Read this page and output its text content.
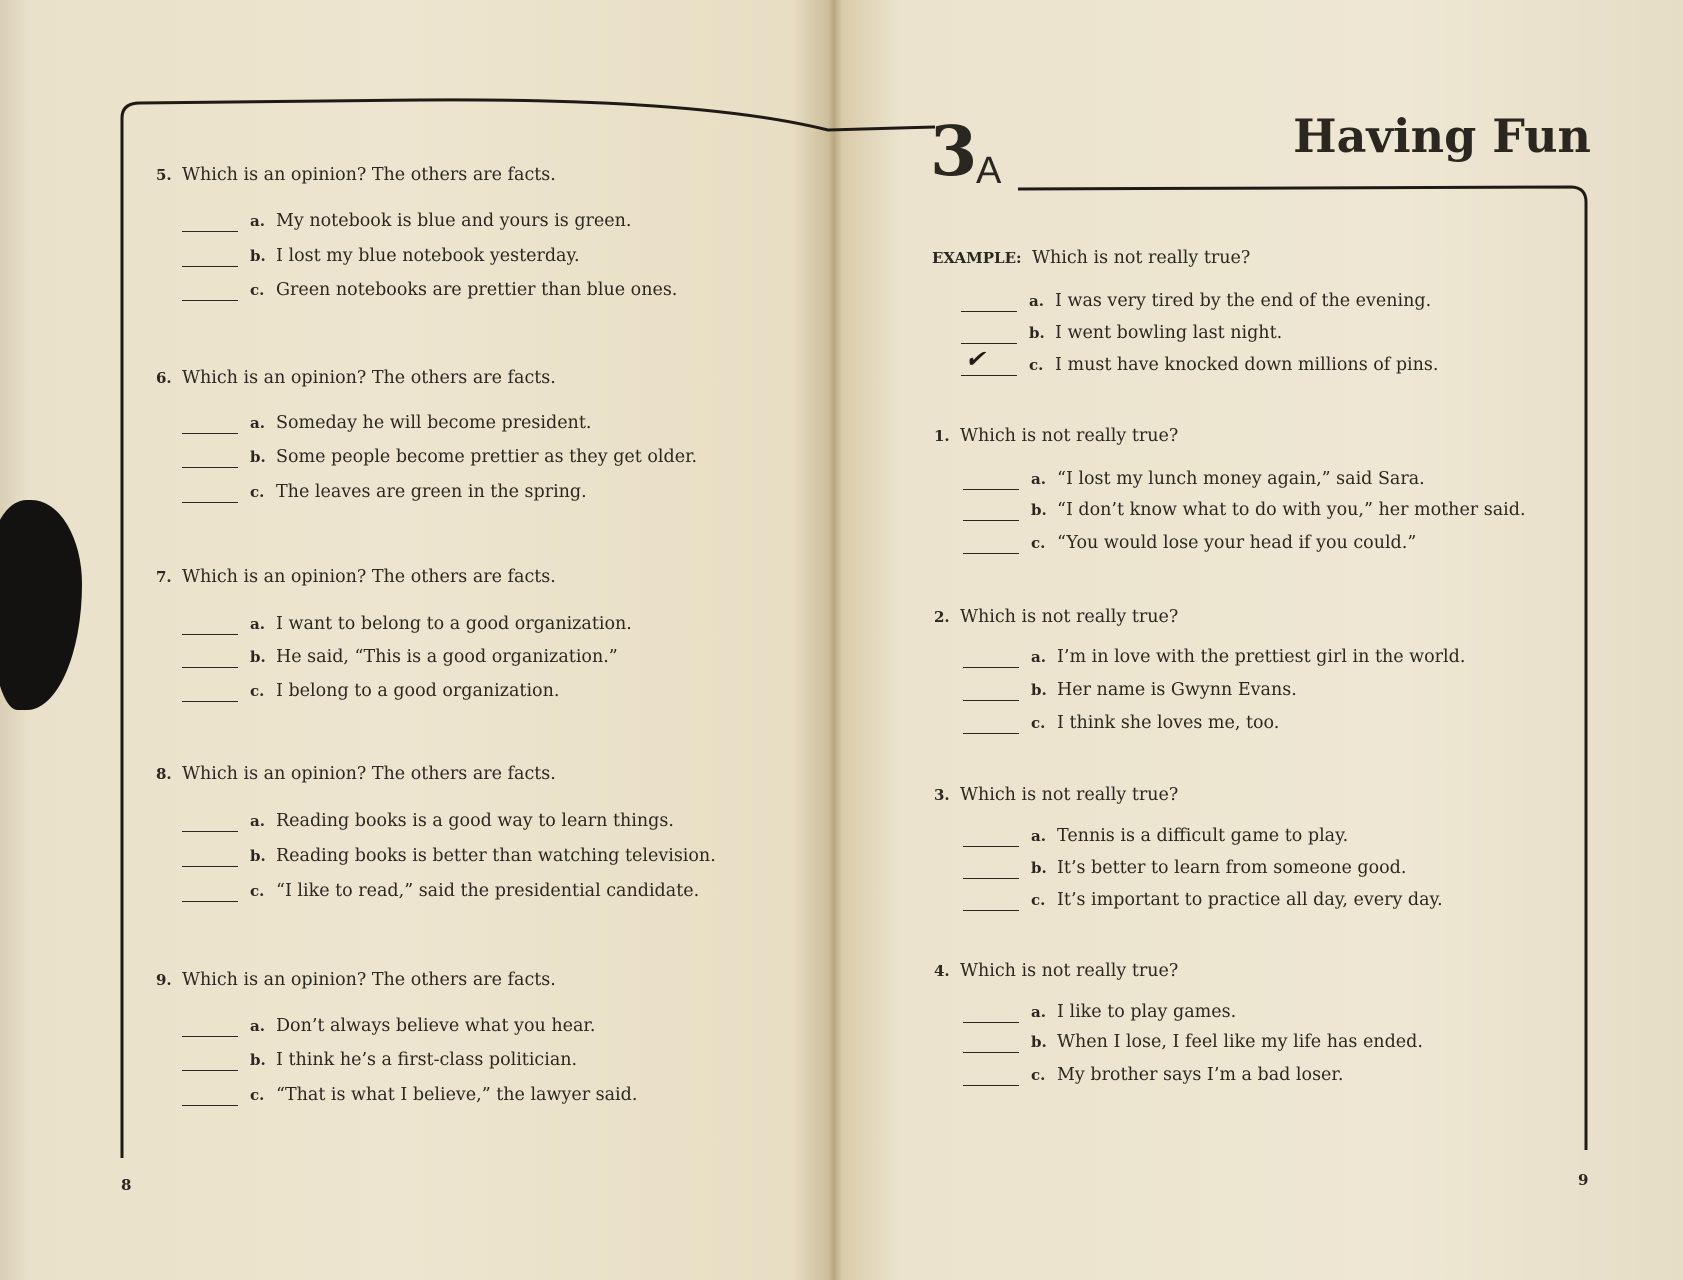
5. Which is an opinion? The others are facts.
a. My notebook is blue and yours is green.
b. I lost my blue notebook yesterday.
c. Green notebooks are prettier than blue ones.
6. Which is an opinion? The others are facts.
a. Someday he will become president.
b. Some people become prettier as they get older.
c. The leaves are green in the spring.
7. Which is an opinion? The others are facts.
a. I want to belong to a good organization.
b. He said, “This is a good organization.”
c. I belong to a good organization.
8. Which is an opinion? The others are facts.
a. Reading books is a good way to learn things.
b. Reading books is better than watching television.
c. “I like to read,” said the presidential candidate.
9. Which is an opinion? The others are facts.
a. Don’t always believe what you hear.
b. I think he’s a first-class politician.
c. “That is what I believe,” the lawyer said.
8
3
A
Having Fun
EXAMPLE: Which is not really true?
a. I was very tired by the end of the evening.
b. I went bowling last night.
✔	c. I must have knocked down millions of pins.
1. Which is not really true?
a. “I lost my lunch money again,” said Sara.
b. “I don’t know what to do with you,” her mother said.
c. “You would lose your head if you could.”
2. Which is not really true?
a. I’m in love with the prettiest girl in the world.
b. Her name is Gwynn Evans.
c. I think she loves me, too.
3. Which is not really true?
a. Tennis is a difficult game to play.
b. It’s better to learn from someone good.
c. It’s important to practice all day, every day.
4. Which is not really true?
a. I like to play games.
b. When I lose, I feel like my life has ended.
c. My brother says I’m a bad loser.
9
